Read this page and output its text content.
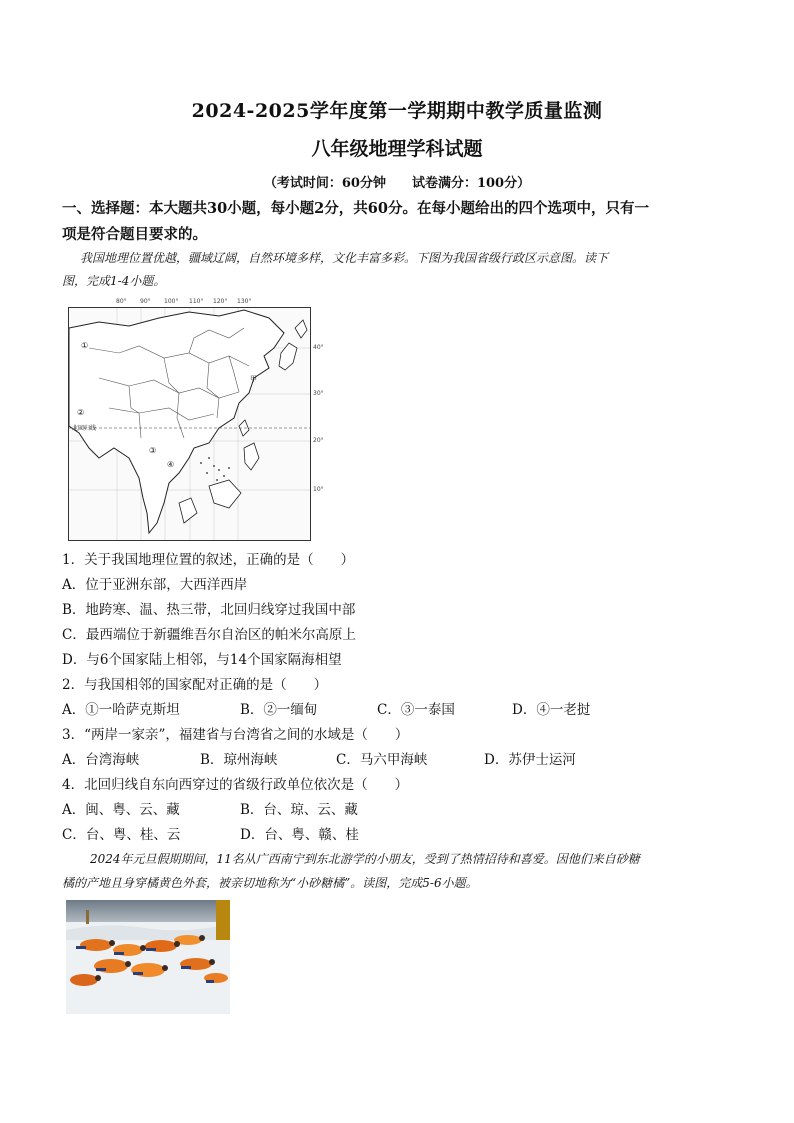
2024-2025学年度第一学期期中教学质量监测
八年级地理学科试题
（考试时间：60分钟　　试卷满分：100分）
一、选择题：本大题共30小题，每小题2分，共60分。在每小题给出的四个选项中，只有一
项是符合题目要求的。
我国地理位置优越，疆域辽阔，自然环境多样，文化丰富多彩。下图为我国省级行政区示意图。读下
图，完成1-4小题。
80° 90° 100° 110° 120° 130°
北回归线
甲
①
②
③
④
40°
30°
20°
10°
1．关于我国地理位置的叙述，正确的是（　　）
A．位于亚洲东部，大西洋西岸
B．地跨寒、温、热三带，北回归线穿过我国中部
C．最西端位于新疆维吾尔自治区的帕米尔高原上
D．与6个国家陆上相邻，与14个国家隔海相望
2．与我国相邻的国家配对正确的是（　　）
A．①一哈萨克斯坦	B．②一缅甸	C．③一泰国	D．④一老挝
3．“两岸一家亲”，福建省与台湾省之间的水域是（　　）
A．台湾海峡	B．琼州海峡	C．马六甲海峡	D．苏伊士运河
4．北回归线自东向西穿过的省级行政单位依次是（　　）
A．闽、粤、云、藏	B．台、琼、云、藏
C．台、粤、桂、云	D．台、粤、赣、桂
2024年元旦假期期间，11名从广西南宁到东北游学的小朋友，受到了热情招待和喜爱。因他们来自砂糖
橘的产地且身穿橘黄色外套，被亲切地称为“小砂糖橘”。读图，完成5-6小题。
